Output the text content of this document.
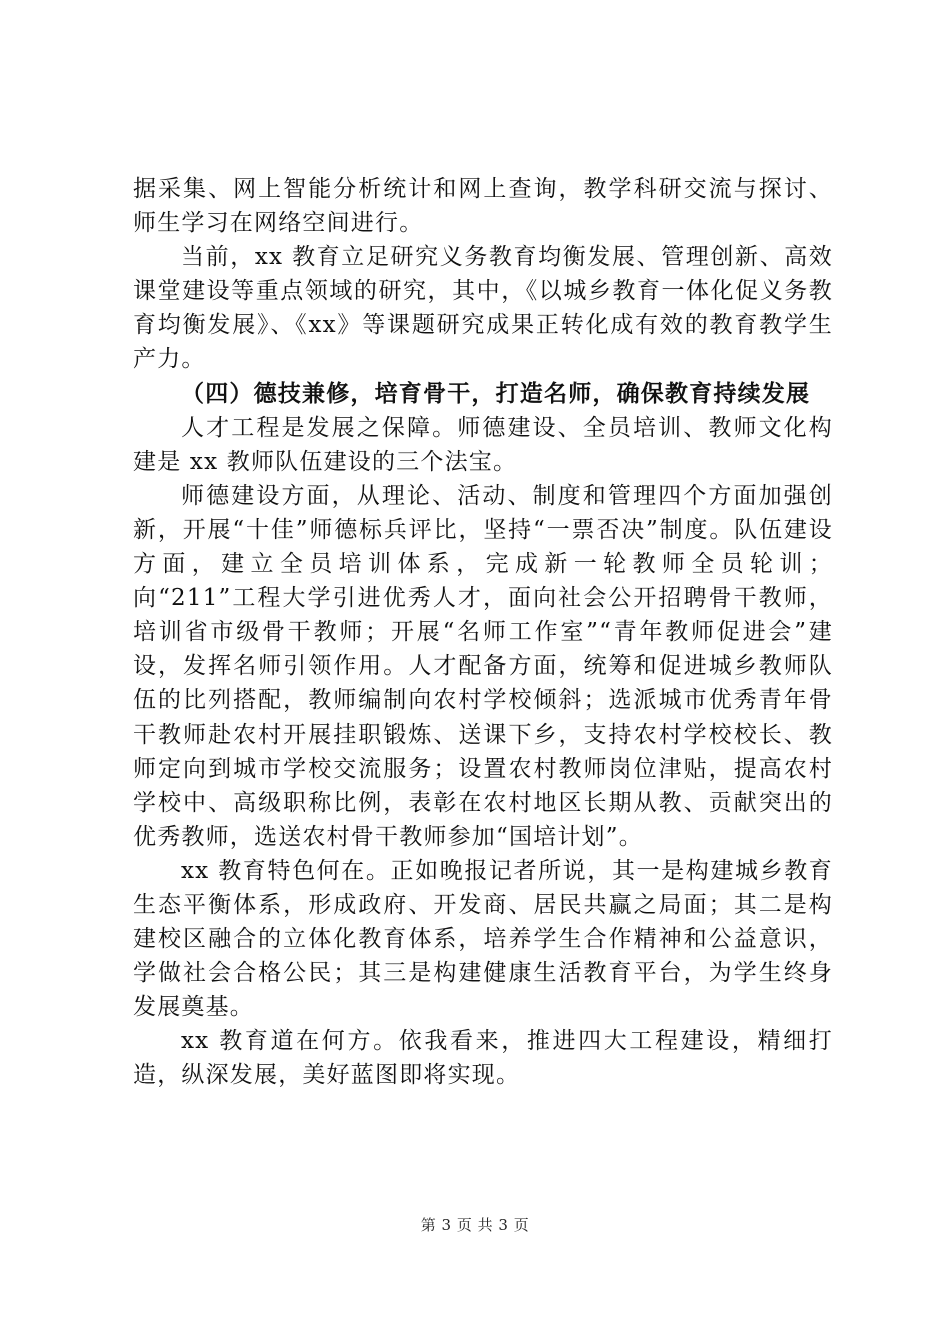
据采集、网上智能分析统计和网上查询，教学科研交流与探讨、师生学习在网络空间进行。

当前，xx 教育立足研究义务教育均衡发展、管理创新、高效课堂建设等重点领域的研究，其中，《以城乡教育一体化促义务教育均衡发展》、《xx》等课题研究成果正转化成有效的教育教学生产力。

（四）德技兼修，培育骨干，打造名师，确保教育持续发展

人才工程是发展之保障。师德建设、全员培训、教师文化构建是 xx 教师队伍建设的三个法宝。

师德建设方面，从理论、活动、制度和管理四个方面加强创新，开展“十佳”师德标兵评比，坚持“一票否决”制度。队伍建设方面，建立全员培训体系，完成新一轮教师全员轮训；向“211”工程大学引进优秀人才，面向社会公开招聘骨干教师，培训省市级骨干教师；开展“名师工作室”“青年教师促进会”建设，发挥名师引领作用。人才配备方面，统筹和促进城乡教师队伍的比列搭配，教师编制向农村学校倾斜；选派城市优秀青年骨干教师赴农村开展挂职锻炼、送课下乡，支持农村学校校长、教师定向到城市学校交流服务；设置农村教师岗位津贴，提高农村学校中、高级职称比例，表彰在农村地区长期从教、贡献突出的优秀教师，选送农村骨干教师参加“国培计划”。

xx 教育特色何在。正如晚报记者所说，其一是构建城乡教育生态平衡体系，形成政府、开发商、居民共赢之局面；其二是构建校区融合的立体化教育体系，培养学生合作精神和公益意识，学做社会合格公民；其三是构建健康生活教育平台，为学生终身发展奠基。

xx 教育道在何方。依我看来，推进四大工程建设，精细打造，纵深发展，美好蓝图即将实现。

第 3 页 共 3 页
